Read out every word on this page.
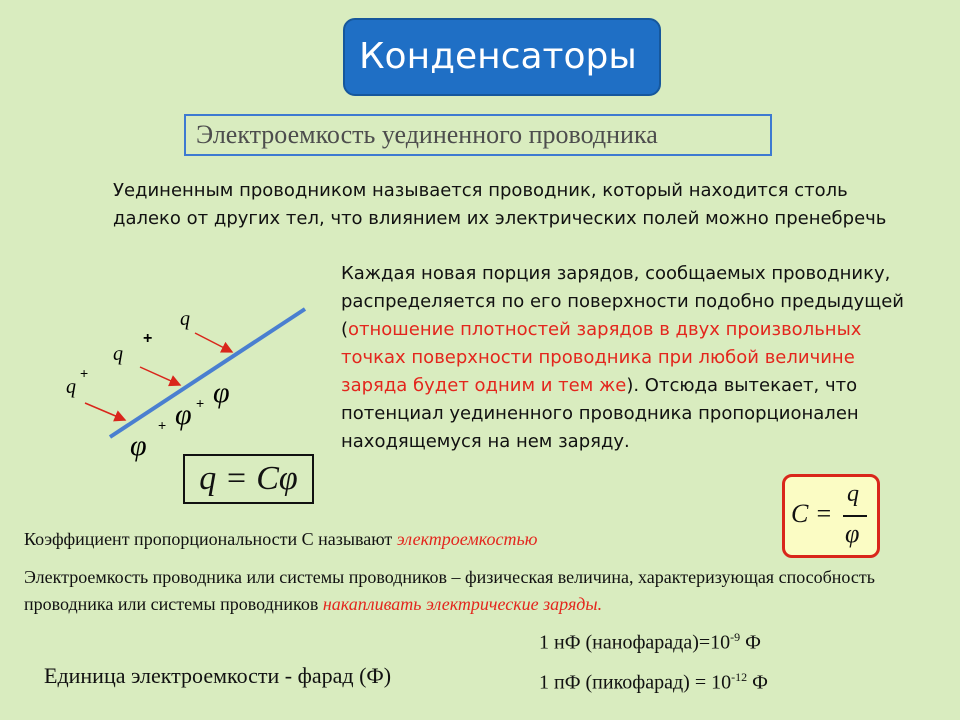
Конденсаторы
Электроемкость уединенного проводника
Уединенным проводником называется проводник, который находится столь далеко от других тел, что влиянием их электрических полей можно пренебречь
Каждая новая порция зарядов, сообщаемых проводнику, распределяется по его поверхности подобно предыдущей (отношение плотностей зарядов в двух произвольных точках поверхности проводника при любой величине заряда будет одним и тем же). Отсюда вытекает, что потенциал уединенного проводника пропорционален находящемуся на нем заряду.
q
+
q
q
+
φ
+
φ
+
φ
q = Cφ
C =
q
φ
Коэффициент пропорциональности С называют электроемкостью
Электроемкость проводника или системы проводников – физическая величина, характеризующая способность проводника или системы проводников накапливать электрические заряды.
Единица электроемкости - фарад (Ф)
1 нФ $(нанофарада)=10^{-9}$ Ф
1 пФ (пикофарад) = $10^{-12}$ Ф
